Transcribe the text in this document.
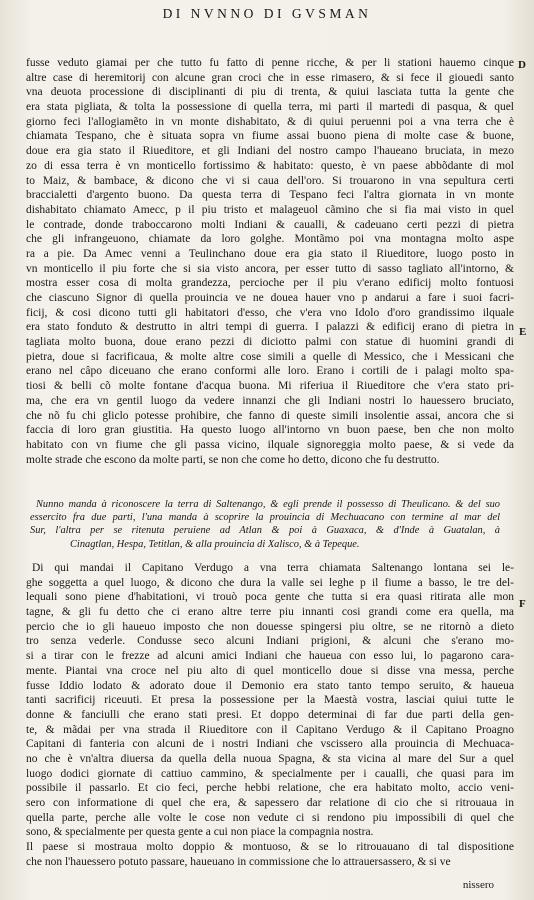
DI NVNNO DI GVSMAN
D
E
F
fusse veduto giamai per che tutto fu fatto di penne ricche, & per li stationi hauemo cinque
altre case di heremitorij con alcune gran croci che in esse rimasero, & si fece il giouedi santo
vna deuota processione di disciplinanti di piu di trenta, & quiui lasciata tutta la gente che
era stata pigliata, & tolta la possessione di quella terra, mi parti il martedi di pasqua, & quel
giorno feci l'allogiamẽto in vn monte dishabitato, & di quiui peruenni poi a vna terra che è
chiamata Tespano, che è situata sopra vn fiume assai buono piena di molte case & buone,
doue era gia stato il Riueditore, et gli Indiani del nostro campo l'haueano bruciata, in mezo
zo di essa terra è vn monticello fortissimo & habitato: questo, è vn paese abbõdante di mol
to Maiz, & bambace, & dicono che vi si caua dell'oro. Si trouarono in vna sepultura certi
braccialetti d'argento buono. Da questa terra di Tespano feci l'altra giornata in vn monte
dishabitato chiamato Amecc, p il piu tristo et malageuol cãmino che si fia mai visto in quel
le contrade, donde traboccarono molti Indiani & caualli, & cadeuano certi pezzi di pietra
che gli infrangeuono, chiamate da loro golghe. Montãmo poi vna montagna molto aspe
ra a pie. Da Amec venni a Teulinchano doue era gia stato il Riueditore, luogo posto in
vn monticello il piu forte che si sia visto ancora, per esser tutto di sasso tagliato all'intorno, &
mostra esser cosa di molta grandezza, percioche per il piu v'erano edificij molto fontuosi
che ciascuno Signor di quella prouincia ve ne douea hauer vno p andarui a fare i suoi facri-
ficij, & cosi dicono tutti gli habitatori d'esso, che v'era vno Idolo d'oro grandissimo ilquale
era stato fonduto & destrutto in altri tempi di guerra. I palazzi & edificij erano di pietra in
tagliata molto buona, doue erano pezzi di diciotto palmi con statue di huomini grandi di
pietra, doue si facrificaua, & molte altre cose simili a quelle di Messico, che i Messicani che
erano nel câpo diceuano che erano conformi alle loro. Erano i cortili de i palagi molto spa-
tiosi & belli cõ molte fontane d'acqua buona. Mi riferiua il Riueditore che v'era stato pri-
ma, che era vn gentil luogo da vedere innanzi che gli Indiani nostri lo hauessero bruciato,
che nõ fu chi gliclo potesse prohibire, che fanno di queste simili insolentie assai, ancora che si
faccia di loro gran giustitia. Ha questo luogo all'intorno vn buon paese, ben che non molto
habitato con vn fiume che gli passa vicino, ilquale signoreggia molto paese, & si vede da
molte strade che escono da molte parti, se non che come ho detto, dicono che fu destrutto.
Nunno manda à riconoscere la terra di Saltenango, & egli prende il possesso di Theulicano. & del suo
essercito fra due parti, l'una manda à scoprire la prouincia di Mechuacano con termine al mar del
Sur, l'altra per se ritenuta peruiene ad Atlan & poi à Guaxaca, & d'Inde à Guatalan, à
Cinagtlan, Hespa, Tetitlan, & alla prouincia di Xalisco, & à Tepeque.
Di qui mandai il Capitano Verdugo a vna terra chiamata Saltenango lontana sei le-
ghe soggetta a quel luogo, & dicono che dura la valle sei leghe p il fiume a basso, le tre del-
lequali sono piene d'habitationi, vi trouò poca gente che tutta si era quasi ritirata alle mon
tagne, & gli fu detto che ci erano altre terre piu innanti cosi grandi come era quella, ma
percio che io gli haueuo imposto che non douesse spingersi piu oltre, se ne ritornò a dieto
tro senza vederle. Condusse seco alcuni Indiani prigioni, & alcuni che s'erano mo-
si a tirar con le frezze ad alcuni amici Indiani che haueua con esso lui, lo pagarono cara-
mente. Piantai vna croce nel piu alto di quel monticello doue si disse vna messa, perche
fusse Iddio lodato & adorato doue il Demonio era stato tanto tempo seruito, & haueua
tanti sacrificij riceuuti. Et presa la possessione per la Maestà vostra, lasciai quiui tutte le
donne & fanciulli che erano stati presi. Et doppo determinai di far due parti della gen-
te, & mãdai per vna strada il Riueditore con il Capitano Verdugo & il Capitano Proagno
Capitani di fanteria con alcuni de i nostri Indiani che vscissero alla prouincia di Mechuaca-
no che è vn'altra diuersa da quella della nuoua Spagna, & sta vicina al mare del Sur a quel
luogo dodici giornate di cattiuo cammino, & specialmente per i caualli, che quasi para im
possibile il passarlo. Et cio feci, perche hebbi relatione, che era habitato molto, accio veni-
sero con informatione di quel che era, & sapessero dar relatione di cio che si ritrouaua in
quella parte, perche alle volte le cose non vedute ci si rendono piu impossibili di quel che
sono, & specialmente per questa gente a cui non piace la compagnia nostra.
Il paese si mostraua molto doppio & montuoso, & se lo ritrouauano di tal dispositione
che non l'hauessero potuto passare, haueuano in commissione che lo attrauersassero, & si ve
nissero
